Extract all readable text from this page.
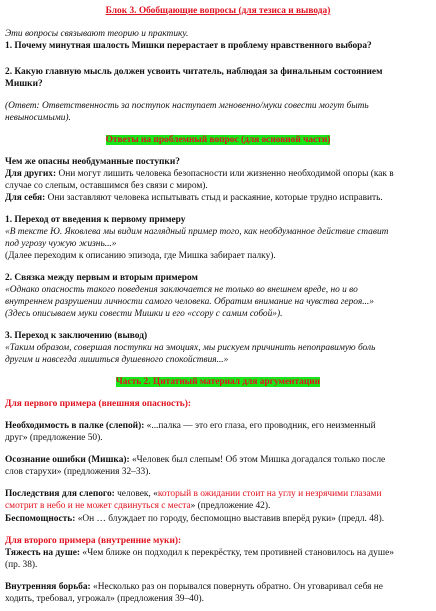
Блок 3. Обобщающие вопросы (для тезиса и вывода)
Эти вопросы связывают теорию и практику.
1. Почему минутная шалость Мишки перерастает в проблему нравственного выбора?
2. Какую главную мысль должен усвоить читатель, наблюдая за финальным состоянием
Мишки?
(Ответ: Ответственность за поступок наступает мгновенно/муки совести могут быть
невыносимыми).
Ответы на проблемный вопрос (для основной части)
Чем же опасны необдуманные поступки?
Для других: Они могут лишить человека безопасности или жизненно необходимой опоры (как в
случае со слепым, оставшимся без связи с миром).
Для себя: Они заставляют человека испытывать стыд и раскаяние, которые трудно исправить.
1. Переход от введения к первому примеру
«В тексте Ю. Яковлева мы видим наглядный пример того, как необдуманное действие ставит
под угрозу чужую жизнь...»
(Далее переходим к описанию эпизода, где Мишка забирает палку).
2. Связка между первым и вторым примером
«Однако опасность такого поведения заключается не только во внешнем вреде, но и во
внутреннем разрушении личности самого человека. Обратим внимание на чувства героя...»
(Здесь описываем муки совести Мишки и его «ссору с самим собой»).
3. Переход к заключению (вывод)
«Таким образом, совершая поступки на эмоциях, мы рискуем причинить непоправимую боль
другим и навсегда лишиться душевного спокойствия...»
Часть 2. Цитатный материал для аргументации
Для первого примера (внешняя опасность):
Необходимость в палке (слепой): «...палка — это его глаза, его проводник, его неизменный
друг» (предложение 50).
Осознание ошибки (Мишка): «Человек был слепым! Об этом Мишка догадался только после
слов старухи» (предложения 32–33).
Последствия для слепого: человек, «который в ожидании стоит на углу и незрячими глазами
смотрит в небо и не может сдвинуться с места» (предложение 42).
Беспомощность: «Он … блуждает по городу, беспомощно выставив вперёд руки» (предл. 48).
Для второго примера (внутренние муки):
Тяжесть на душе: «Чем ближе он подходил к перекрёстку, тем противней становилось на душе»
(пр. 38).
Внутренняя борьба: «Несколько раз он порывался повернуть обратно. Он уговаривал себя не
ходить, требовал, угрожал» (предложения 39–40).
